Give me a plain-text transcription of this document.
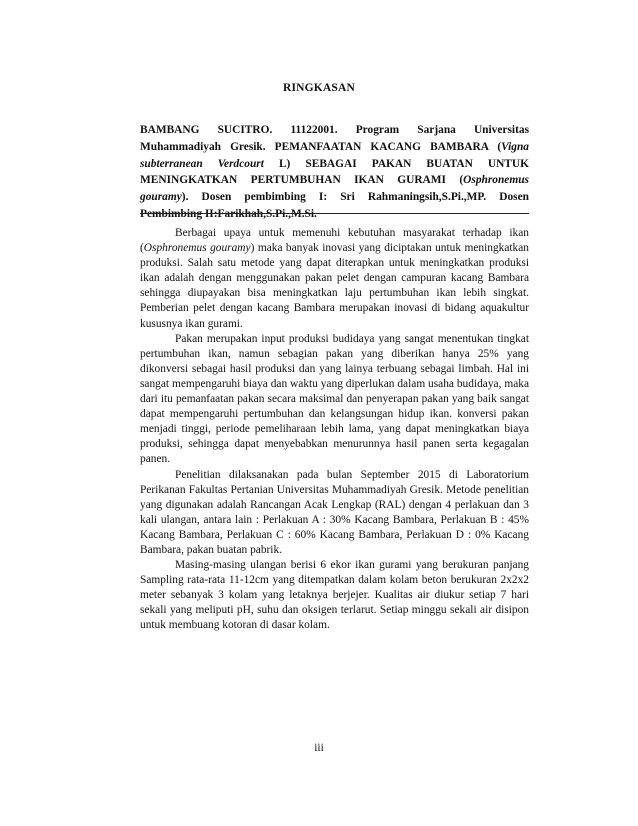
RINGKASAN
BAMBANG SUCITRO. 11122001. Program Sarjana Universitas Muhammadiyah Gresik. PEMANFAATAN KACANG BAMBARA (Vigna subterranean Verdcourt L) SEBAGAI PAKAN BUATAN UNTUK MENINGKATKAN PERTUMBUHAN IKAN GURAMI (Osphronemus gouramy). Dosen pembimbing I: Sri Rahmaningsih,S.Pi.,MP. Dosen Pembimbing II:Farikhah,S.Pi.,M.Si.

Berbagai upaya untuk memenuhi kebutuhan masyarakat terhadap ikan (Osphronemus gouramy) maka banyak inovasi yang diciptakan untuk meningkatkan produksi. Salah satu metode yang dapat diterapkan untuk meningkatkan produksi ikan adalah dengan menggunakan pakan pelet dengan campuran kacang Bambara sehingga diupayakan bisa meningkatkan laju pertumbuhan ikan lebih singkat. Pemberian pelet dengan kacang Bambara merupakan inovasi di bidang aquakultur kususnya ikan gurami.

Pakan merupakan input produksi budidaya yang sangat menentukan tingkat pertumbuhan ikan, namun sebagian pakan yang diberikan hanya 25% yang dikonversi sebagai hasil produksi dan yang lainya terbuang sebagai limbah. Hal ini sangat mempengaruhi biaya dan waktu yang diperlukan dalam usaha budidaya, maka dari itu pemanfaatan pakan secara maksimal dan penyerapan pakan yang baik sangat dapat mempengaruhi pertumbuhan dan kelangsungan hidup ikan. konversi pakan menjadi tinggi, periode pemeliharaan lebih lama, yang dapat meningkatkan biaya produksi, sehingga dapat menyebabkan menurunnya hasil panen serta kegagalan panen.

Penelitian dilaksanakan pada bulan September 2015 di Laboratorium Perikanan Fakultas Pertanian Universitas Muhammadiyah Gresik. Metode penelitian yang digunakan adalah Rancangan Acak Lengkap (RAL) dengan 4 perlakuan dan 3 kali ulangan, antara lain : Perlakuan A : 30% Kacang Bambara, Perlakuan B : 45% Kacang Bambara, Perlakuan C : 60% Kacang Bambara, Perlakuan D : 0% Kacang Bambara, pakan buatan pabrik.

Masing-masing ulangan berisi 6 ekor ikan gurami yang berukuran panjang Sampling rata-rata 11-12cm yang ditempatkan dalam kolam beton berukuran 2x2x2 meter sebanyak 3 kolam yang letaknya berjejer. Kualitas air diukur setiap 7 hari sekali yang meliputi pH, suhu dan oksigen terlarut. Setiap minggu sekali air disipon untuk membuang kotoran di dasar kolam.

iii
